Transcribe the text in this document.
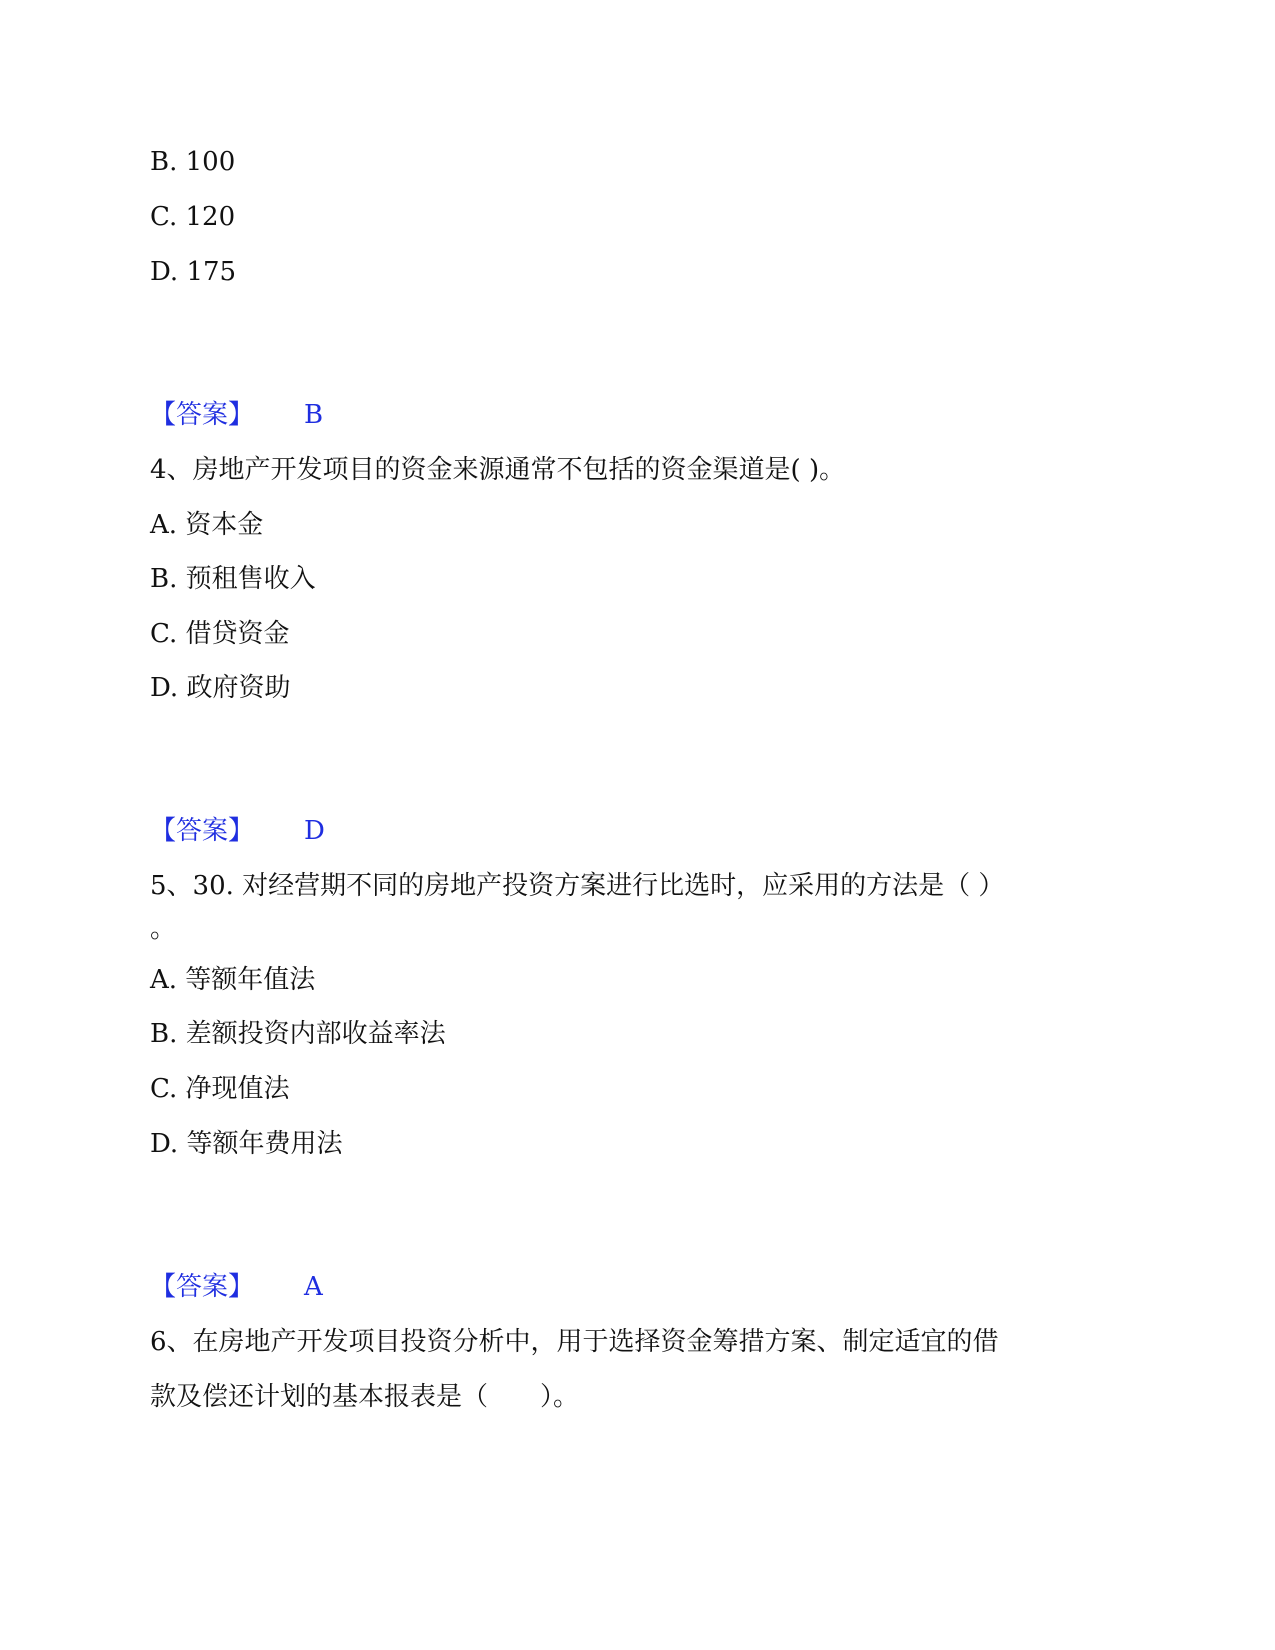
B. 100
C. 120
D. 175
【答案】 B
4、房地产开发项目的资金来源通常不包括的资金渠道是( )。
A. 资本金
B. 预租售收入
C. 借贷资金
D. 政府资助
【答案】 D
5、30. 对经营期不同的房地产投资方案进行比选时，应采用的方法是（ ）
。
A. 等额年值法
B. 差额投资内部收益率法
C. 净现值法
D. 等额年费用法
【答案】 A
6、在房地产开发项目投资分析中，用于选择资金筹措方案、制定适宜的借
款及偿还计划的基本报表是（　　）。
